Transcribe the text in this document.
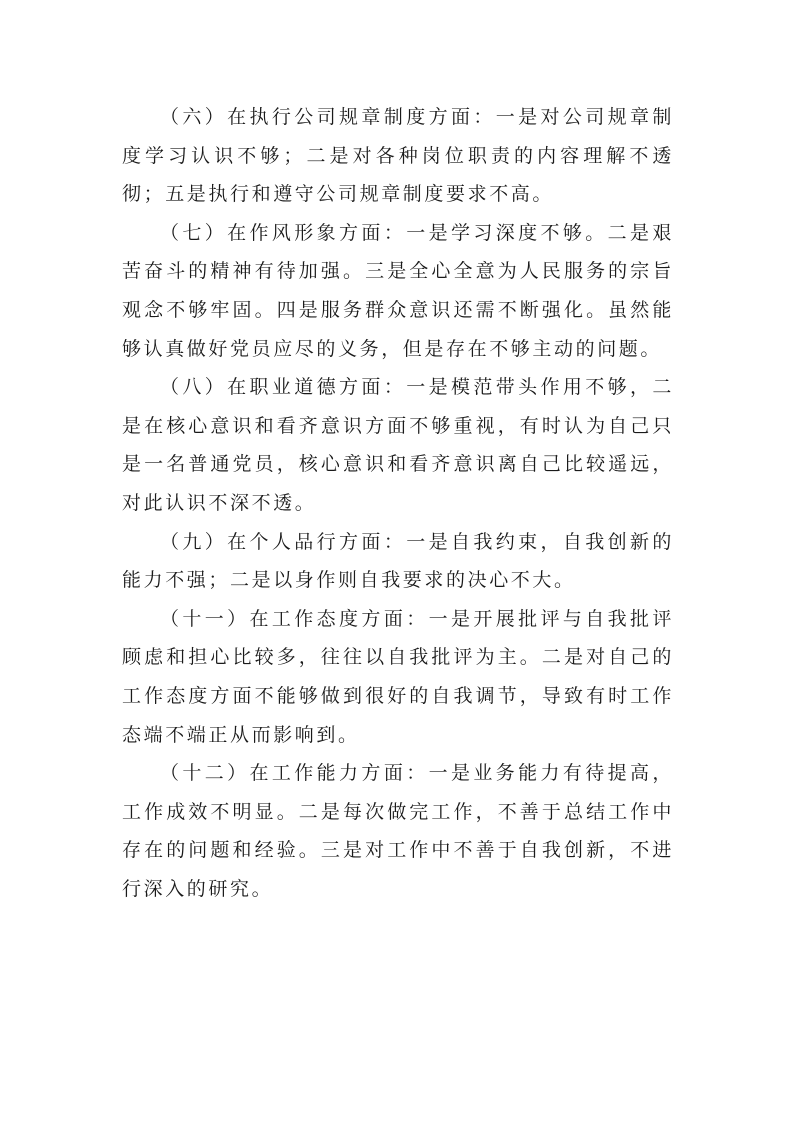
（六）在执行公司规章制度方面：一是对公司规章制度学习认识不够；二是对各种岗位职责的内容理解不透彻；五是执行和遵守公司规章制度要求不高。

（七）在作风形象方面：一是学习深度不够。二是艰苦奋斗的精神有待加强。三是全心全意为人民服务的宗旨观念不够牢固。四是服务群众意识还需不断强化。虽然能够认真做好党员应尽的义务，但是存在不够主动的问题。

（八）在职业道德方面：一是模范带头作用不够，二是在核心意识和看齐意识方面不够重视，有时认为自己只是一名普通党员，核心意识和看齐意识离自己比较遥远，对此认识不深不透。

（九）在个人品行方面：一是自我约束，自我创新的能力不强；二是以身作则自我要求的决心不大。

（十一）在工作态度方面：一是开展批评与自我批评顾虑和担心比较多，往往以自我批评为主。二是对自己的工作态度方面不能够做到很好的自我调节，导致有时工作态端不端正从而影响到。

（十二）在工作能力方面：一是业务能力有待提高，工作成效不明显。二是每次做完工作，不善于总结工作中存在的问题和经验。三是对工作中不善于自我创新，不进行深入的研究。
